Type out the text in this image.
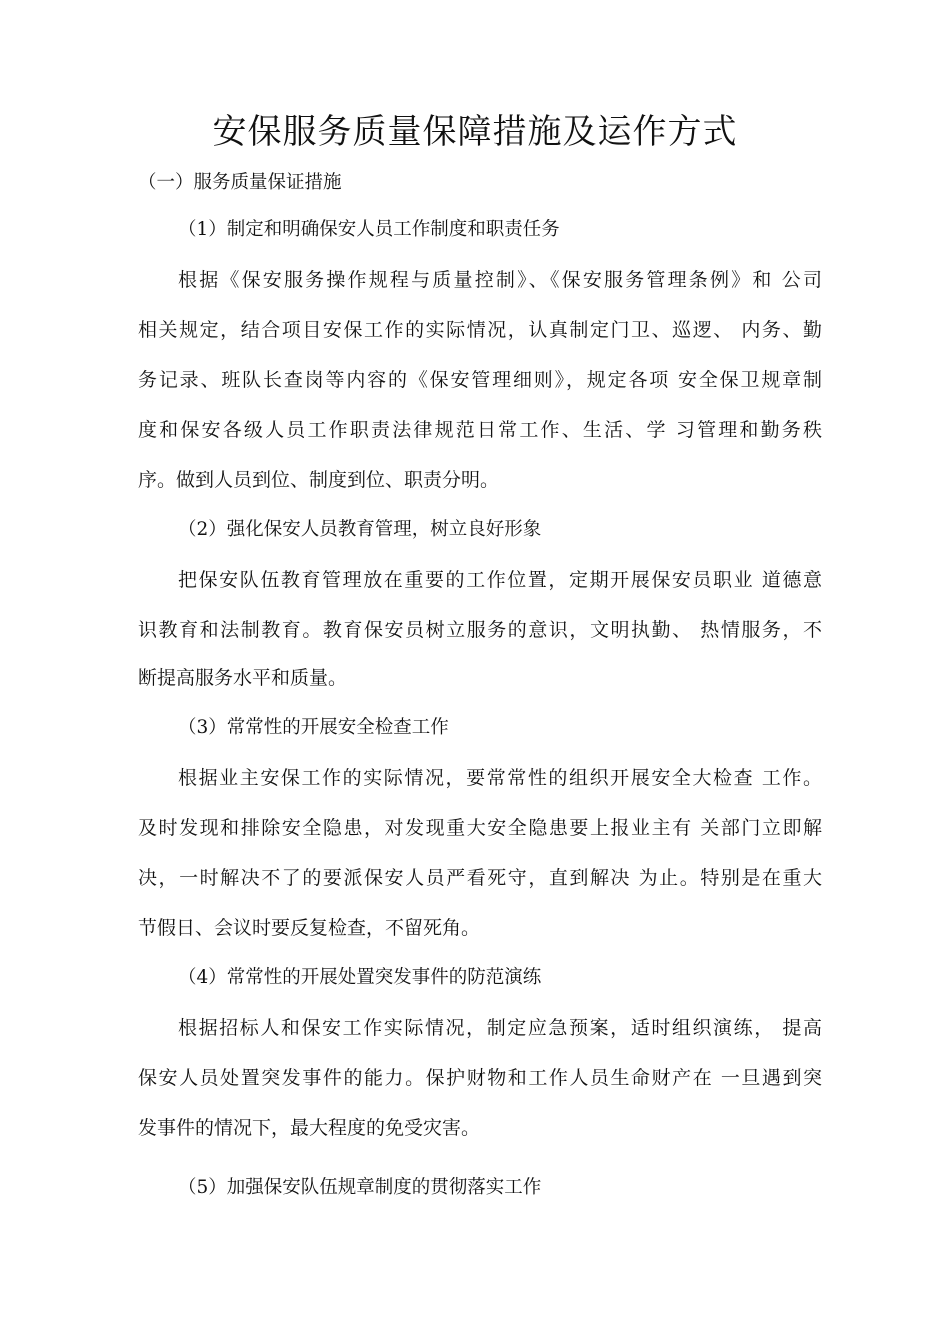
安保服务质量保障措施及运作方式
（一）服务质量保证措施
（1）制定和明确保安人员工作制度和职责任务
根据《保安服务操作规程与质量控制》、《保安服务管理条例》和 公司
相关规定，结合项目安保工作的实际情况，认真制定门卫、巡逻、 内务、勤
务记录、班队长查岗等内容的《保安管理细则》，规定各项 安全保卫规章制
度和保安各级人员工作职责法律规范日常工作、生活、学 习管理和勤务秩
序。做到人员到位、制度到位、职责分明。
（2）强化保安人员教育管理，树立良好形象
把保安队伍教育管理放在重要的工作位置，定期开展保安员职业 道德意
识教育和法制教育。教育保安员树立服务的意识，文明执勤、 热情服务，不
断提高服务水平和质量。
（3）常常性的开展安全检查工作
根据业主安保工作的实际情况，要常常性的组织开展安全大检查 工作。
及时发现和排除安全隐患，对发现重大安全隐患要上报业主有 关部门立即解
决，一时解决不了的要派保安人员严看死守，直到解决 为止。特别是在重大
节假日、会议时要反复检查，不留死角。
（4）常常性的开展处置突发事件的防范演练
根据招标人和保安工作实际情况，制定应急预案，适时组织演练， 提高
保安人员处置突发事件的能力。保护财物和工作人员生命财产在 一旦遇到突
发事件的情况下，最大程度的免受灾害。
（5）加强保安队伍规章制度的贯彻落实工作
